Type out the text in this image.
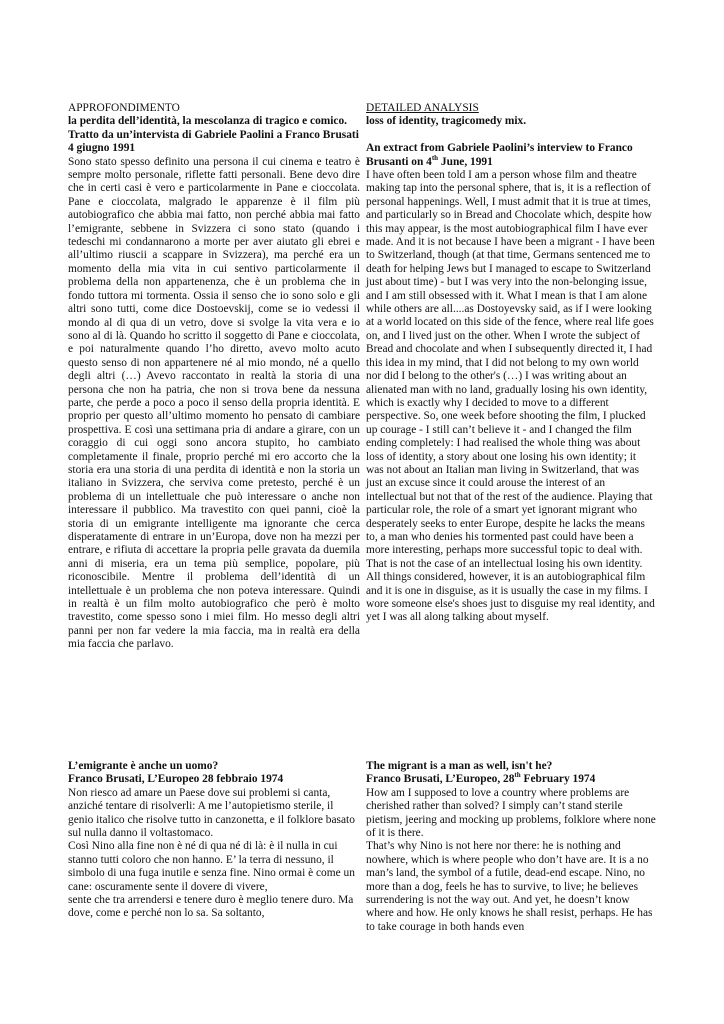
APPROFONDIMENTO

la perdita dell’identità, la mescolanza di tragico e comico.

Tratto da un’intervista di Gabriele Paolini a Franco Brusati 4 giugno 1991

Sono stato spesso definito una persona il cui cinema e teatro è sempre molto personale, riflette fatti personali. Bene devo dire che in certi casi è vero e particolarmente in Pane e cioccolata. Pane e cioccolata, malgrado le apparenze è il film più autobiografico che abbia mai fatto, non perché abbia mai fatto l’emigrante, sebbene in Svizzera ci sono stato (quando i tedeschi mi condannarono a morte per aver aiutato gli ebrei e all’ultimo riuscii a scappare in Svizzera), ma perché era un momento della mia vita in cui sentivo particolarmente il problema della non appartenenza, che è un problema che in fondo tuttora mi tormenta. Ossia il senso che io sono solo e gli altri sono tutti, come dice Dostoevskij, come se io vedessi il mondo al di qua di un vetro, dove si svolge la vita vera e io sono al di là. Quando ho scritto il soggetto di Pane e cioccolata, e poi naturalmente quando l’ho diretto, avevo molto acuto questo senso di non appartenere né al mio mondo, né a quello degli altri (…) Avevo raccontato in realtà la storia di una persona che non ha patria, che non si trova bene da nessuna parte, che perde a poco a poco il senso della propria identità. E proprio per questo all’ultimo momento ho pensato di cambiare prospettiva. E così una settimana pria di andare a girare, con un coraggio di cui oggi sono ancora stupito, ho cambiato completamente il finale, proprio perché mi ero accorto che la storia era una storia di una perdita di identità e non la storia un italiano in Svizzera, che serviva come pretesto, perché è un problema di un intellettuale che può interessare o anche non interessare il pubblico. Ma travestito con quei panni, cioè la storia di un emigrante intelligente ma ignorante che cerca disperatamente di entrare in un’Europa, dove non ha mezzi per entrare, e rifiuta di accettare la propria pelle gravata da duemila anni di miseria, era un tema più semplice, popolare, più riconoscibile. Mentre il problema dell’identità di un intellettuale è un problema che non poteva interessare. Quindi in realtà è un film molto autobiografico che però è molto travestito, come spesso sono i miei film. Ho messo degli altri panni per non far vedere la mia faccia, ma in realtà era della mia faccia che parlavo.

DETAILED ANALYSIS

loss of identity, tragicomedy mix.

An extract from Gabriele Paolini’s interview to Franco Brusanti on 4th June, 1991

I have often been told I am a person whose film and theatre making tap into the personal sphere, that is, it is a reflection of personal happenings. Well, I must admit that it is true at times, and particularly so in Bread and Chocolate which, despite how this may appear, is the most autobiographical film I have ever made. And it is not because I have been a migrant - I have been to Switzerland, though (at that time, Germans sentenced me to death for helping Jews but I managed to escape to Switzerland just about time) - but I was very into the non-belonging issue, and I am still obsessed with it. What I mean is that I am alone while others are all....as Dostoyevsky said, as if I were looking at a world located on this side of the fence, where real life goes on, and I lived just on the other. When I wrote the subject of Bread and chocolate and when I subsequently directed it, I had this idea in my mind, that I did not belong to my own world nor did I belong to the other's (…) I was writing about an alienated man with no land, gradually losing his own identity, which is exactly why I decided to move to a different perspective. So, one week before shooting the film, I plucked up courage - I still can’t believe it - and I changed the film ending completely: I had realised the whole thing was about loss of identity, a story about one losing his own identity; it was not about an Italian man living in Switzerland, that was just an excuse since it could arouse the interest of an intellectual but not that of the rest of the audience. Playing that particular role, the role of a smart yet ignorant migrant who desperately seeks to enter Europe, despite he lacks the means to, a man who denies his tormented past could have been a more interesting, perhaps more successful topic to deal with. That is not the case of an intellectual losing his own identity. All things considered, however, it is an autobiographical film and it is one in disguise, as it is usually the case in my films. I wore someone else's shoes just to disguise my real identity, and yet I was all along talking about myself.

L’emigrante è anche un uomo?

Franco Brusati, L’Europeo 28 febbraio 1974

Non riesco ad amare un Paese dove sui problemi si canta, anziché tentare di risolverli: A me l’autopietismo sterile, il genio italico che risolve tutto in canzonetta, e il folklore basato sul nulla danno il voltastomaco.

Così Nino alla fine non è né di qua né di là: è il nulla in cui stanno tutti coloro che non hanno. E’ la terra di nessuno, il simbolo di una fuga inutile e senza fine. Nino ormai è come un cane: oscuramente sente il dovere di vivere,

sente che tra arrendersi e tenere duro è meglio tenere duro. Ma dove, come e perché non lo sa. Sa soltanto,

The migrant is a man as well, isn't he?

Franco Brusati, L’Europeo, 28th February 1974

How am I supposed to love a country where problems are cherished rather than solved? I simply can’t stand sterile pietism, jeering and mocking up problems, folklore where none of it is there.

That’s why Nino is not here nor there: he is nothing and nowhere, which is where people who don’t have are. It is a no man’s land, the symbol of a futile, dead-end escape. Nino, no more than a dog, feels he has to survive, to live; he believes surrendering is not the way out. And yet, he doesn’t know where and how. He only knows he shall resist, perhaps. He has to take courage in both hands even
